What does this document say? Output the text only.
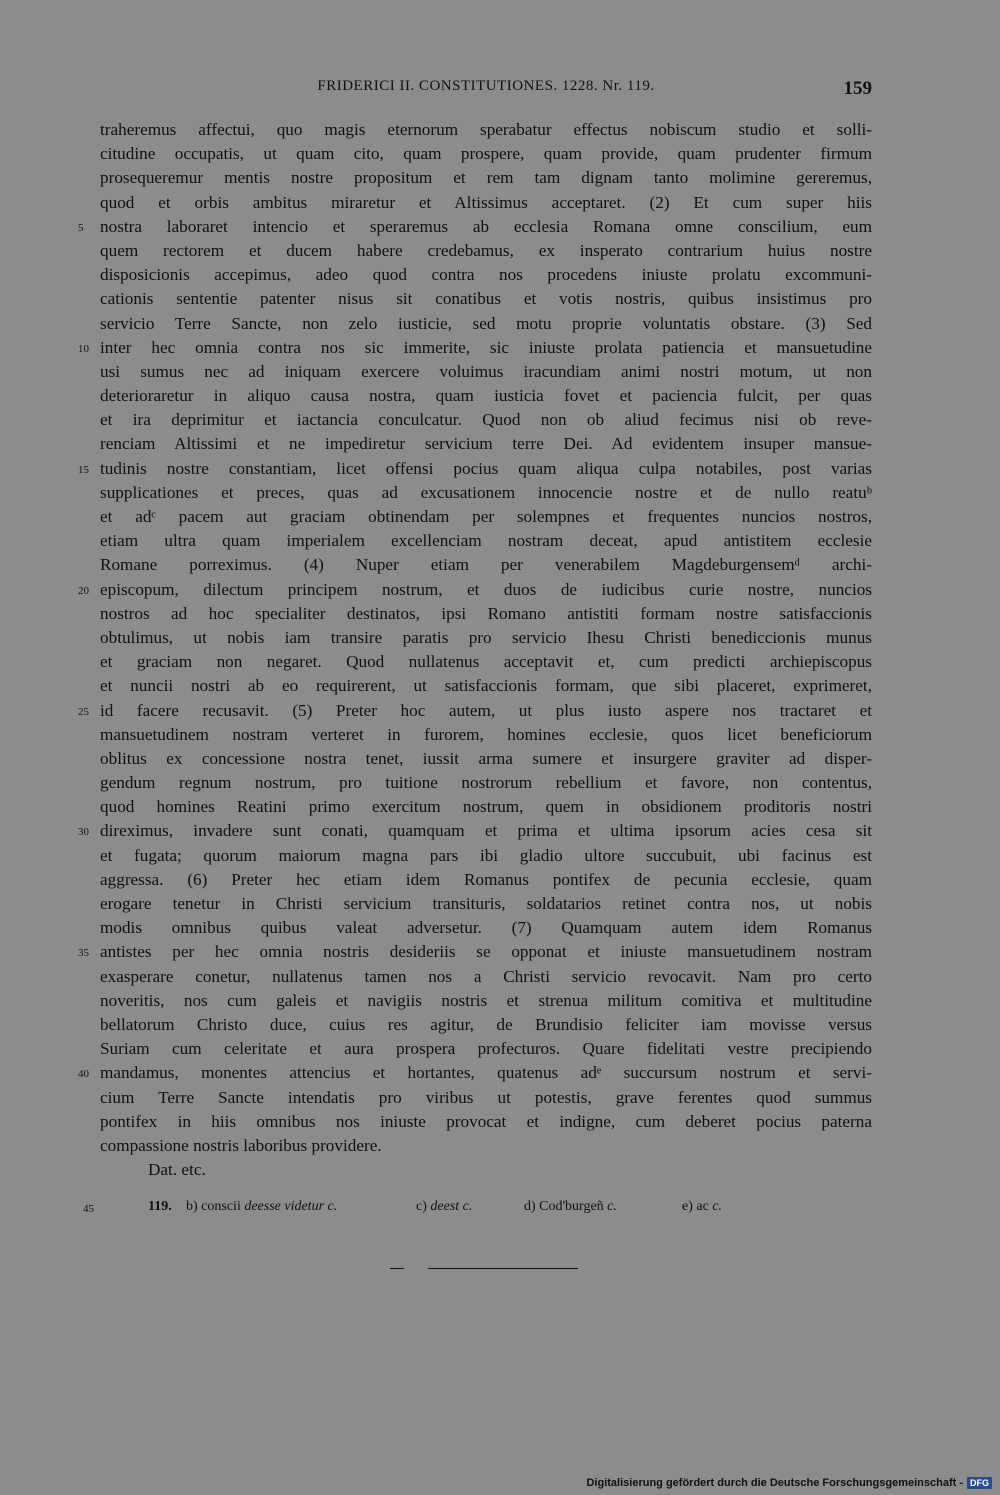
FRIDERICI II. CONSTITUTIONES. 1228. Nr. 119.	159
traheremus affectui, quo magis eternorum sperabatur effectus nobiscum studio et solli-
citudine occupatis, ut quam cito, quam prospere, quam provide, quam prudenter firmum
prosequeremur mentis nostre propositum et rem tam dignam tanto molimine gereremus,
quod et orbis ambitus miraretur et Altissimus acceptaret. (2) Et cum super hiis
5 nostra laboraret intencio et speraremus ab ecclesia Romana omne conscilium, eum
quem rectorem et ducem habere credebamus, ex insperato contrarium huius nostre
disposicionis accepimus, adeo quod contra nos procedens iniuste prolatu excommuni-
cationis sententie patenter nisus sit conatibus et votis nostris, quibus insistimus pro
servicio Terre Sancte, non zelo iusticie, sed motu proprie voluntatis obstare. (3) Sed
10 inter hec omnia contra nos sic immerite, sic iniuste prolata patiencia et mansuetudine
usi sumus nec ad iniquam exercere voluimus iracundiam animi nostri motum, ut non
deterioraretur in aliquo causa nostra, quam iusticia fovet et paciencia fulcit, per quas
et ira deprimitur et iactancia conculcatur. Quod non ob aliud fecimus nisi ob reve-
renciam Altissimi et ne impediretur servicium terre Dei. Ad evidentem insuper mansue-
15 tudinis nostre constantiam, licet offensi pocius quam aliqua culpa notabiles, post varias
supplicationes et preces, quas ad excusationem innocencie nostre et de nullo reatuᵇ
et adᶜ pacem aut graciam obtinendam per solempnes et frequentes nuncios nostros,
etiam ultra quam imperialem excellenciam nostram deceat, apud antistitem ecclesie
Romane porreximus. (4) Nuper etiam per venerabilem Magdeburgensemᵈ archi-
20 episcopum, dilectum principem nostrum, et duos de iudicibus curie nostre, nuncios
nostros ad hoc specialiter destinatos, ipsi Romano antistiti formam nostre satisfaccionis
obtulimus, ut nobis iam transire paratis pro servicio Ihesu Christi benediccionis munus
et graciam non negaret. Quod nullatenus acceptavit et, cum predicti archiepiscopus
et nuncii nostri ab eo requirerent, ut satisfaccionis formam, que sibi placeret, exprimeret,
25 id facere recusavit. (5) Preter hoc autem, ut plus iusto aspere nos tractaret et
mansuetudinem nostram verteret in furorem, homines ecclesie, quos licet beneficiorum
oblitus ex concessione nostra tenet, iussit arma sumere et insurgere graviter ad disper-
gendum regnum nostrum, pro tuitione nostrorum rebellium et favore, non contentus,
quod homines Reatini primo exercitum nostrum, quem in obsidionem proditoris nostri
30 direximus, invadere sunt conati, quamquam et prima et ultima ipsorum acies cesa sit
et fugata; quorum maiorum magna pars ibi gladio ultore succubuit, ubi facinus est
aggressa. (6) Preter hec etiam idem Romanus pontifex de pecunia ecclesie, quam
erogare tenetur in Christi servicium transituris, soldatarios retinet contra nos, ut nobis
modis omnibus quibus valeat adversetur. (7) Quamquam autem idem Romanus
35 antistes per hec omnia nostris desideriis se opponat et iniuste mansuetudinem nostram
exasperare conetur, nullatenus tamen nos a Christi servicio revocavit. Nam pro certo
noveritis, nos cum galeis et navigiis nostris et strenua militum comitiva et multitudine
bellatorum Christo duce, cuius res agitur, de Brundisio feliciter iam movisse versus
Suriam cum celeritate et aura prospera profecturos. Quare fidelitati vestre precipiendo
40 mandamus, monentes attencius et hortantes, quatenus adᵉ succursum nostrum et servi-
cium Terre Sancte intendatis pro viribus ut potestis, grave ferentes quod summus
pontifex in hiis omnibus nos iniuste provocat et indigne, cum deberet pocius paterna
compassione nostris laboribus providere.
Dat. etc.
45	119. b) conscii deesse videtur c.	c) deest c.	d) Cod'burgeñ c.	e) ac c.
Digitalisierung gefördert durch die Deutsche Forschungsgemeinschaft - DFG
